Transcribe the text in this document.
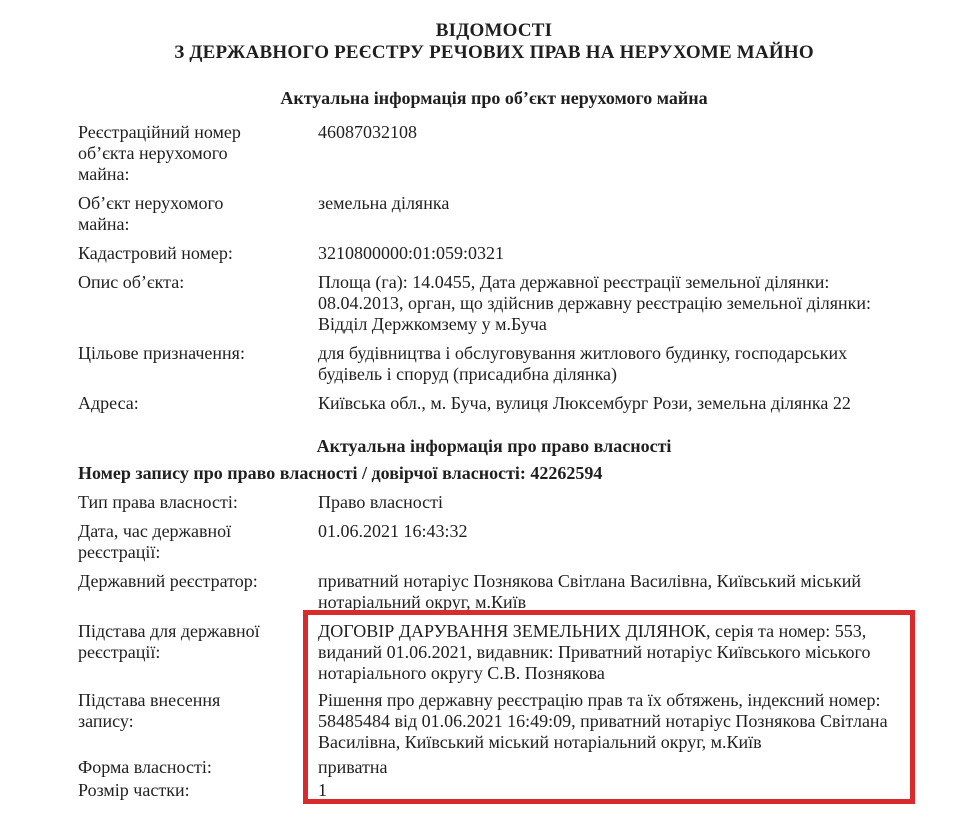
ВІДОМОСТІ
З ДЕРЖАВНОГО РЕЄСТРУ РЕЧОВИХ ПРАВ НА НЕРУХОМЕ МАЙНО
Актуальна інформація про об’єкт нерухомого майна
Реєстраційний номер об’єкта нерухомого майна:
46087032108
Об’єкт нерухомого майна:
земельна ділянка
Кадастровий номер:	3210800000:01:059:0321
Опис об’єкта:	Площа (га): 14.0455, Дата державної реєстрації земельної ділянки: 08.04.2013, орган, що здійснив державну реєстрацію земельної ділянки: Відділ Держкомзему у м.Буча
Цільове призначення:	для будівництва і обслуговування житлового будинку, господарських будівель і споруд (присадибна ділянка)
Адреса:	Київська обл., м. Буча, вулиця Люксембург Рози, земельна ділянка 22
Актуальна інформація про право власності
Номер запису про право власності / довірчої власності: 42262594
Тип права власності:	Право власності
Дата, час державної реєстрації:
01.06.2021 16:43:32
Державний реєстратор:	приватний нотаріус Познякова Світлана Василівна, Київський міський нотаріальний округ, м.Київ
Підстава для державної реєстрації:
ДОГОВІР ДАРУВАННЯ ЗЕМЕЛЬНИХ ДІЛЯНОК, серія та номер: 553, виданий 01.06.2021, видавник: Приватний нотаріус Київського міського нотаріального округу С.В. Познякова
Підстава внесення запису:
Рішення про державну реєстрацію прав та їх обтяжень, індексний номер: 58485484 від 01.06.2021 16:49:09, приватний нотаріус Познякова Світлана Василівна, Київський міський нотаріальний округ, м.Київ
Форма власності:	приватна
Розмір частки:	1
